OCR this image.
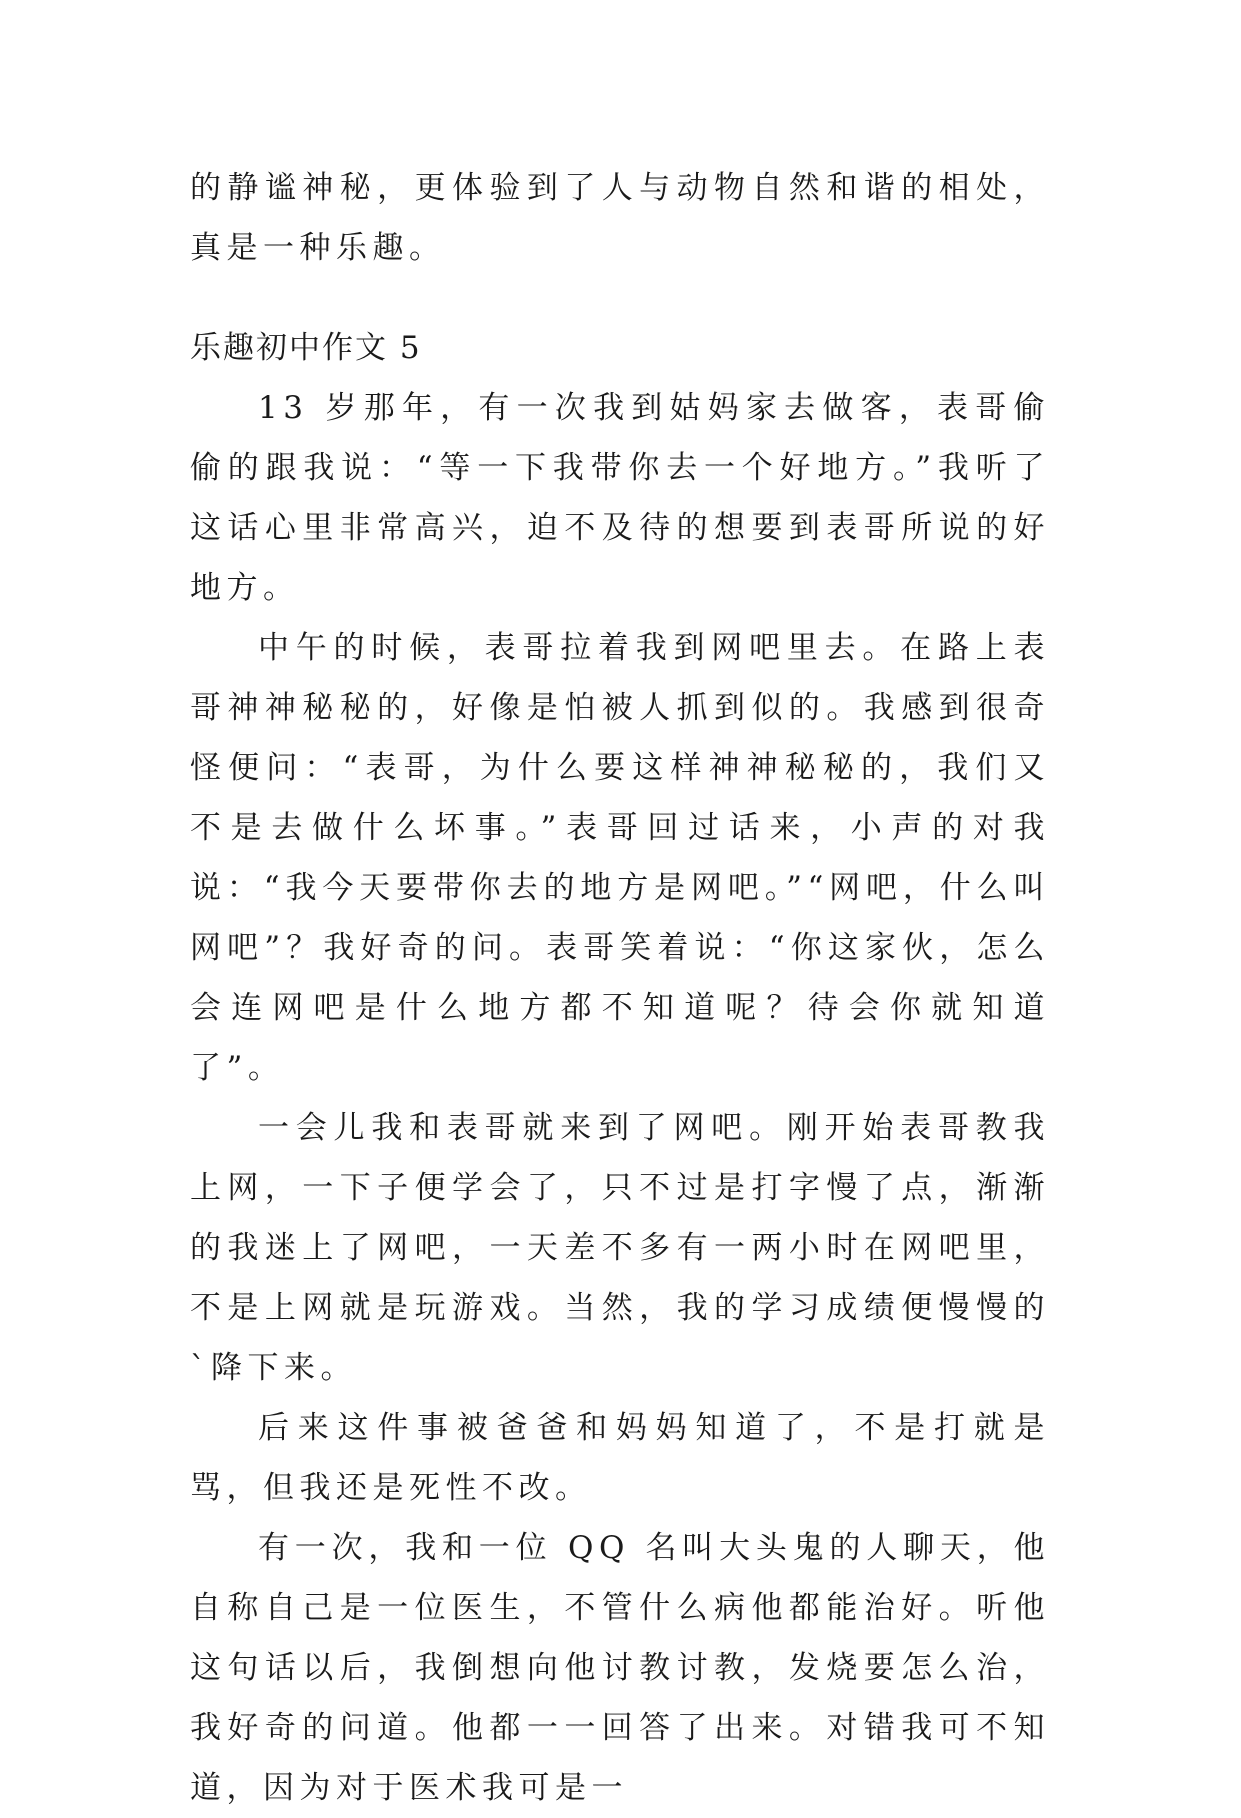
的静谧神秘，更体验到了人与动物自然和谐的相处，真是一种乐趣。

乐趣初中作文 5

13 岁那年，有一次我到姑妈家去做客，表哥偷偷的跟我说：“等一下我带你去一个好地方。”我听了这话心里非常高兴，迫不及待的想要到表哥所说的好地方。

中午的时候，表哥拉着我到网吧里去。在路上表哥神神秘秘的，好像是怕被人抓到似的。我感到很奇怪便问：“表哥，为什么要这样神神秘秘的，我们又不是去做什么坏事。”表哥回过话来，小声的对我说：“我今天要带你去的地方是网吧。”“网吧，什么叫网吧”？我好奇的问。表哥笑着说：“你这家伙，怎么会连网吧是什么地方都不知道呢？待会你就知道了”。

一会儿我和表哥就来到了网吧。刚开始表哥教我上网，一下子便学会了，只不过是打字慢了点，渐渐的我迷上了网吧，一天差不多有一两小时在网吧里，不是上网就是玩游戏。当然，我的学习成绩便慢慢的`降下来。

后来这件事被爸爸和妈妈知道了，不是打就是骂，但我还是死性不改。

有一次，我和一位 QQ 名叫大头鬼的人聊天，他自称自己是一位医生，不管什么病他都能治好。听他这句话以后，我倒想向他讨教讨教，发烧要怎么治，我好奇的问道。他都一一回答了出来。对错我可不知道，因为对于医术我可是一
